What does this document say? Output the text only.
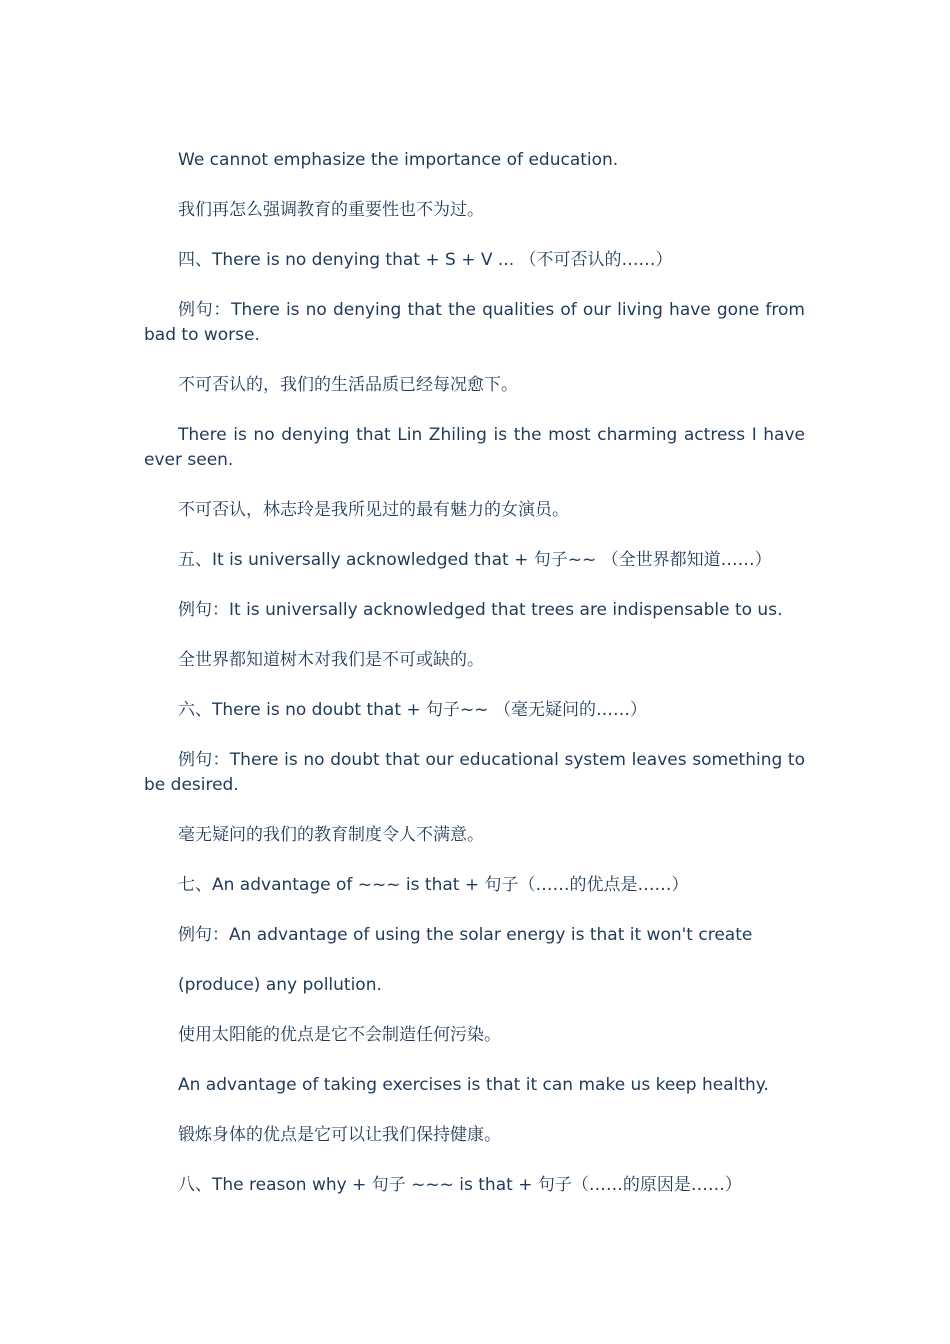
We cannot emphasize the importance of education.

我们再怎么强调教育的重要性也不为过。

四、There is no denying that + S + V ... （不可否认的……）

例句：There is no denying that the qualities of our living have gone from bad to worse.

不可否认的，我们的生活品质已经每况愈下。

There is no denying that Lin Zhiling is the most charming actress I have ever seen.

不可否认，林志玲是我所见过的最有魅力的女演员。

五、It is universally acknowledged that + 句子~~ （全世界都知道……）

例句：It is universally acknowledged that trees are indispensable to us.

全世界都知道树木对我们是不可或缺的。

六、There is no doubt that + 句子~~ （毫无疑问的……）

例句：There is no doubt that our educational system leaves something to be desired.

毫无疑问的我们的教育制度令人不满意。

七、An advantage of ~~~ is that + 句子（……的优点是……）

例句：An advantage of using the solar energy is that it won't create

(produce) any pollution.

使用太阳能的优点是它不会制造任何污染。

An advantage of taking exercises is that it can make us keep healthy.

锻炼身体的优点是它可以让我们保持健康。

八、The reason why + 句子 ~~~ is that + 句子（……的原因是……）
